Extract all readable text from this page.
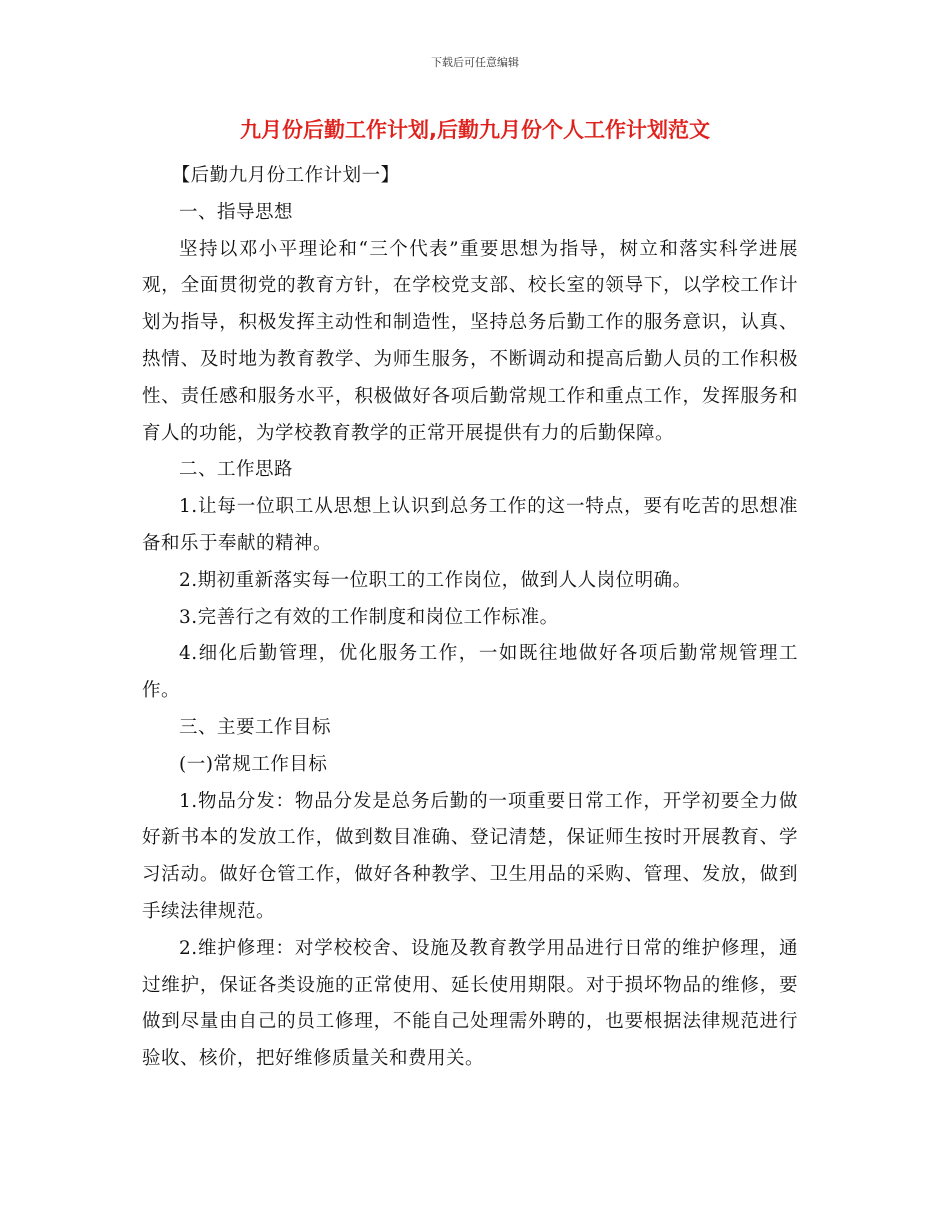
下载后可任意编辑
九月份后勤工作计划,后勤九月份个人工作计划范文

【后勤九月份工作计划一】

一、指导思想

坚持以邓小平理论和“三个代表”重要思想为指导，树立和落实科学进展观，全面贯彻党的教育方针，在学校党支部、校长室的领导下，以学校工作计划为指导，积极发挥主动性和制造性，坚持总务后勤工作的服务意识，认真、热情、及时地为教育教学、为师生服务，不断调动和提高后勤人员的工作积极性、责任感和服务水平，积极做好各项后勤常规工作和重点工作，发挥服务和育人的功能，为学校教育教学的正常开展提供有力的后勤保障。

二、工作思路

1.让每一位职工从思想上认识到总务工作的这一特点，要有吃苦的思想准备和乐于奉献的精神。

2.期初重新落实每一位职工的工作岗位，做到人人岗位明确。

3.完善行之有效的工作制度和岗位工作标准。

4.细化后勤管理，优化服务工作，一如既往地做好各项后勤常规管理工作。

三、主要工作目标

(一)常规工作目标

1.物品分发：物品分发是总务后勤的一项重要日常工作，开学初要全力做好新书本的发放工作，做到数目准确、登记清楚，保证师生按时开展教育、学习活动。做好仓管工作，做好各种教学、卫生用品的采购、管理、发放，做到手续法律规范。

2.维护修理：对学校校舍、设施及教育教学用品进行日常的维护修理，通过维护，保证各类设施的正常使用、延长使用期限。对于损坏物品的维修，要做到尽量由自己的员工修理，不能自己处理需外聘的，也要根据法律规范进行验收、核价，把好维修质量关和费用关。
